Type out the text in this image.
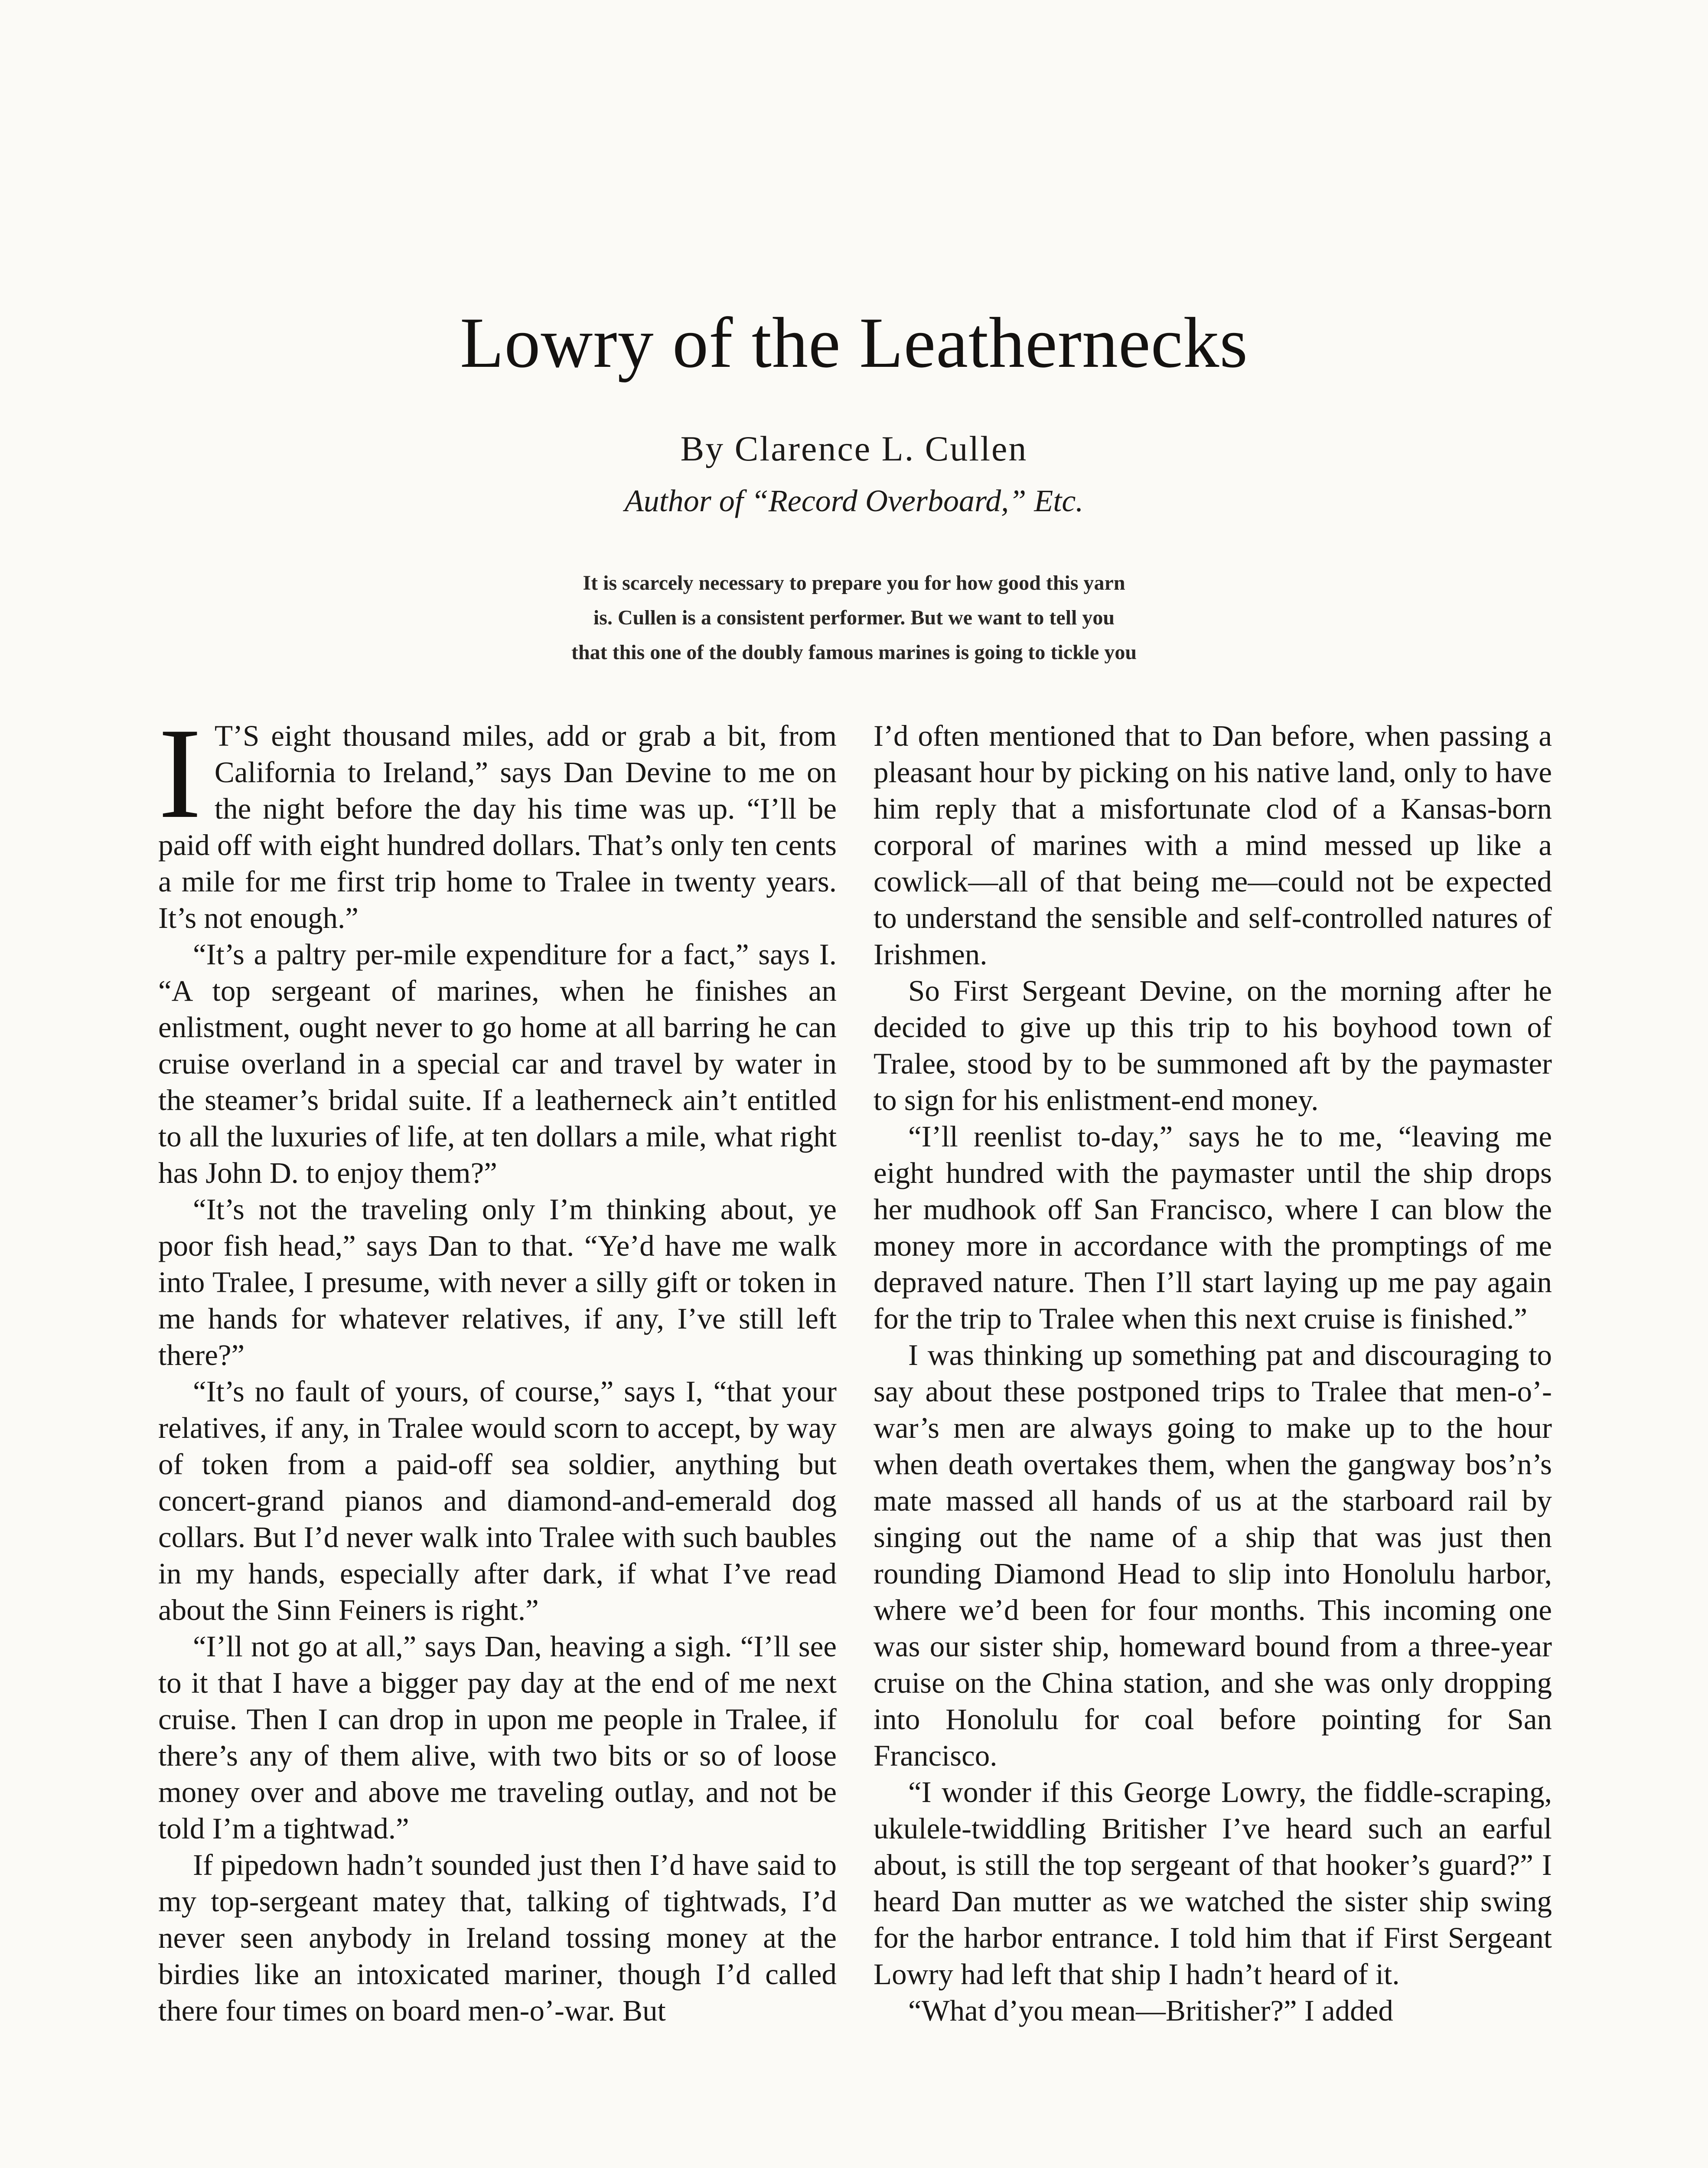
Lowry of the Leathernecks
By Clarence L. Cullen
Author of “Record Overboard,” Etc.
It is scarcely necessary to prepare you for how good this yarn
is. Cullen is a consistent performer. But we want to tell you
that this one of the doubly famous marines is going to tickle you

I T’S eight thousand miles, add or grab a bit, from California to Ireland,” says Dan Devine to me on the night before the day his time was up. “I’ll be paid off with eight hundred dollars. That’s only ten cents a mile for me first trip home to Tralee in twenty years. It’s not enough.”

“It’s a paltry per-mile expenditure for a fact,” says I. “A top sergeant of marines, when he finishes an enlistment, ought never to go home at all barring he can cruise overland in a special car and travel by water in the steamer’s bridal suite. If a leatherneck ain’t entitled to all the luxuries of life, at ten dollars a mile, what right has John D. to enjoy them?”

“It’s not the traveling only I’m thinking about, ye poor fish head,” says Dan to that. “Ye’d have me walk into Tralee, I presume, with never a silly gift or token in me hands for whatever relatives, if any, I’ve still left there?”

“It’s no fault of yours, of course,” says I, “that your relatives, if any, in Tralee would scorn to accept, by way of token from a paid-off sea soldier, anything but concert-grand pianos and diamond-and-emerald dog collars. But I’d never walk into Tralee with such baubles in my hands, especially after dark, if what I’ve read about the Sinn Feiners is right.”

“I’ll not go at all,” says Dan, heaving a sigh. “I’ll see to it that I have a bigger pay day at the end of me next cruise. Then I can drop in upon me people in Tralee, if there’s any of them alive, with two bits or so of loose money over and above me traveling outlay, and not be told I’m a tightwad.”

If pipedown hadn’t sounded just then I’d have said to my top-sergeant matey that, talking of tightwads, I’d never seen anybody in Ireland tossing money at the birdies like an intoxicated mariner, though I’d called there four times on board men-o’-war. But

I’d often mentioned that to Dan before, when passing a pleasant hour by picking on his native land, only to have him reply that a misfortunate clod of a Kansas-born corporal of marines with a mind messed up like a cowlick—all of that being me—could not be expected to understand the sensible and self-controlled natures of Irishmen.

So First Sergeant Devine, on the morning after he decided to give up this trip to his boyhood town of Tralee, stood by to be summoned aft by the paymaster to sign for his enlistment-end money.

“I’ll reenlist to-day,” says he to me, “leaving me eight hundred with the paymaster until the ship drops her mudhook off San Francisco, where I can blow the money more in accordance with the promptings of me depraved nature. Then I’ll start laying up me pay again for the trip to Tralee when this next cruise is finished.”

I was thinking up something pat and discouraging to say about these postponed trips to Tralee that men-o’-war’s men are always going to make up to the hour when death overtakes them, when the gangway bos’n’s mate massed all hands of us at the starboard rail by singing out the name of a ship that was just then rounding Diamond Head to slip into Honolulu harbor, where we’d been for four months. This incoming one was our sister ship, homeward bound from a three-year cruise on the China station, and she was only dropping into Honolulu for coal before pointing for San Francisco.

“I wonder if this George Lowry, the fiddle-scraping, ukulele-twiddling Britisher I’ve heard such an earful about, is still the top sergeant of that hooker’s guard?” I heard Dan mutter as we watched the sister ship swing for the harbor entrance. I told him that if First Sergeant Lowry had left that ship I hadn’t heard of it.

“What d’you mean—Britisher?” I added
